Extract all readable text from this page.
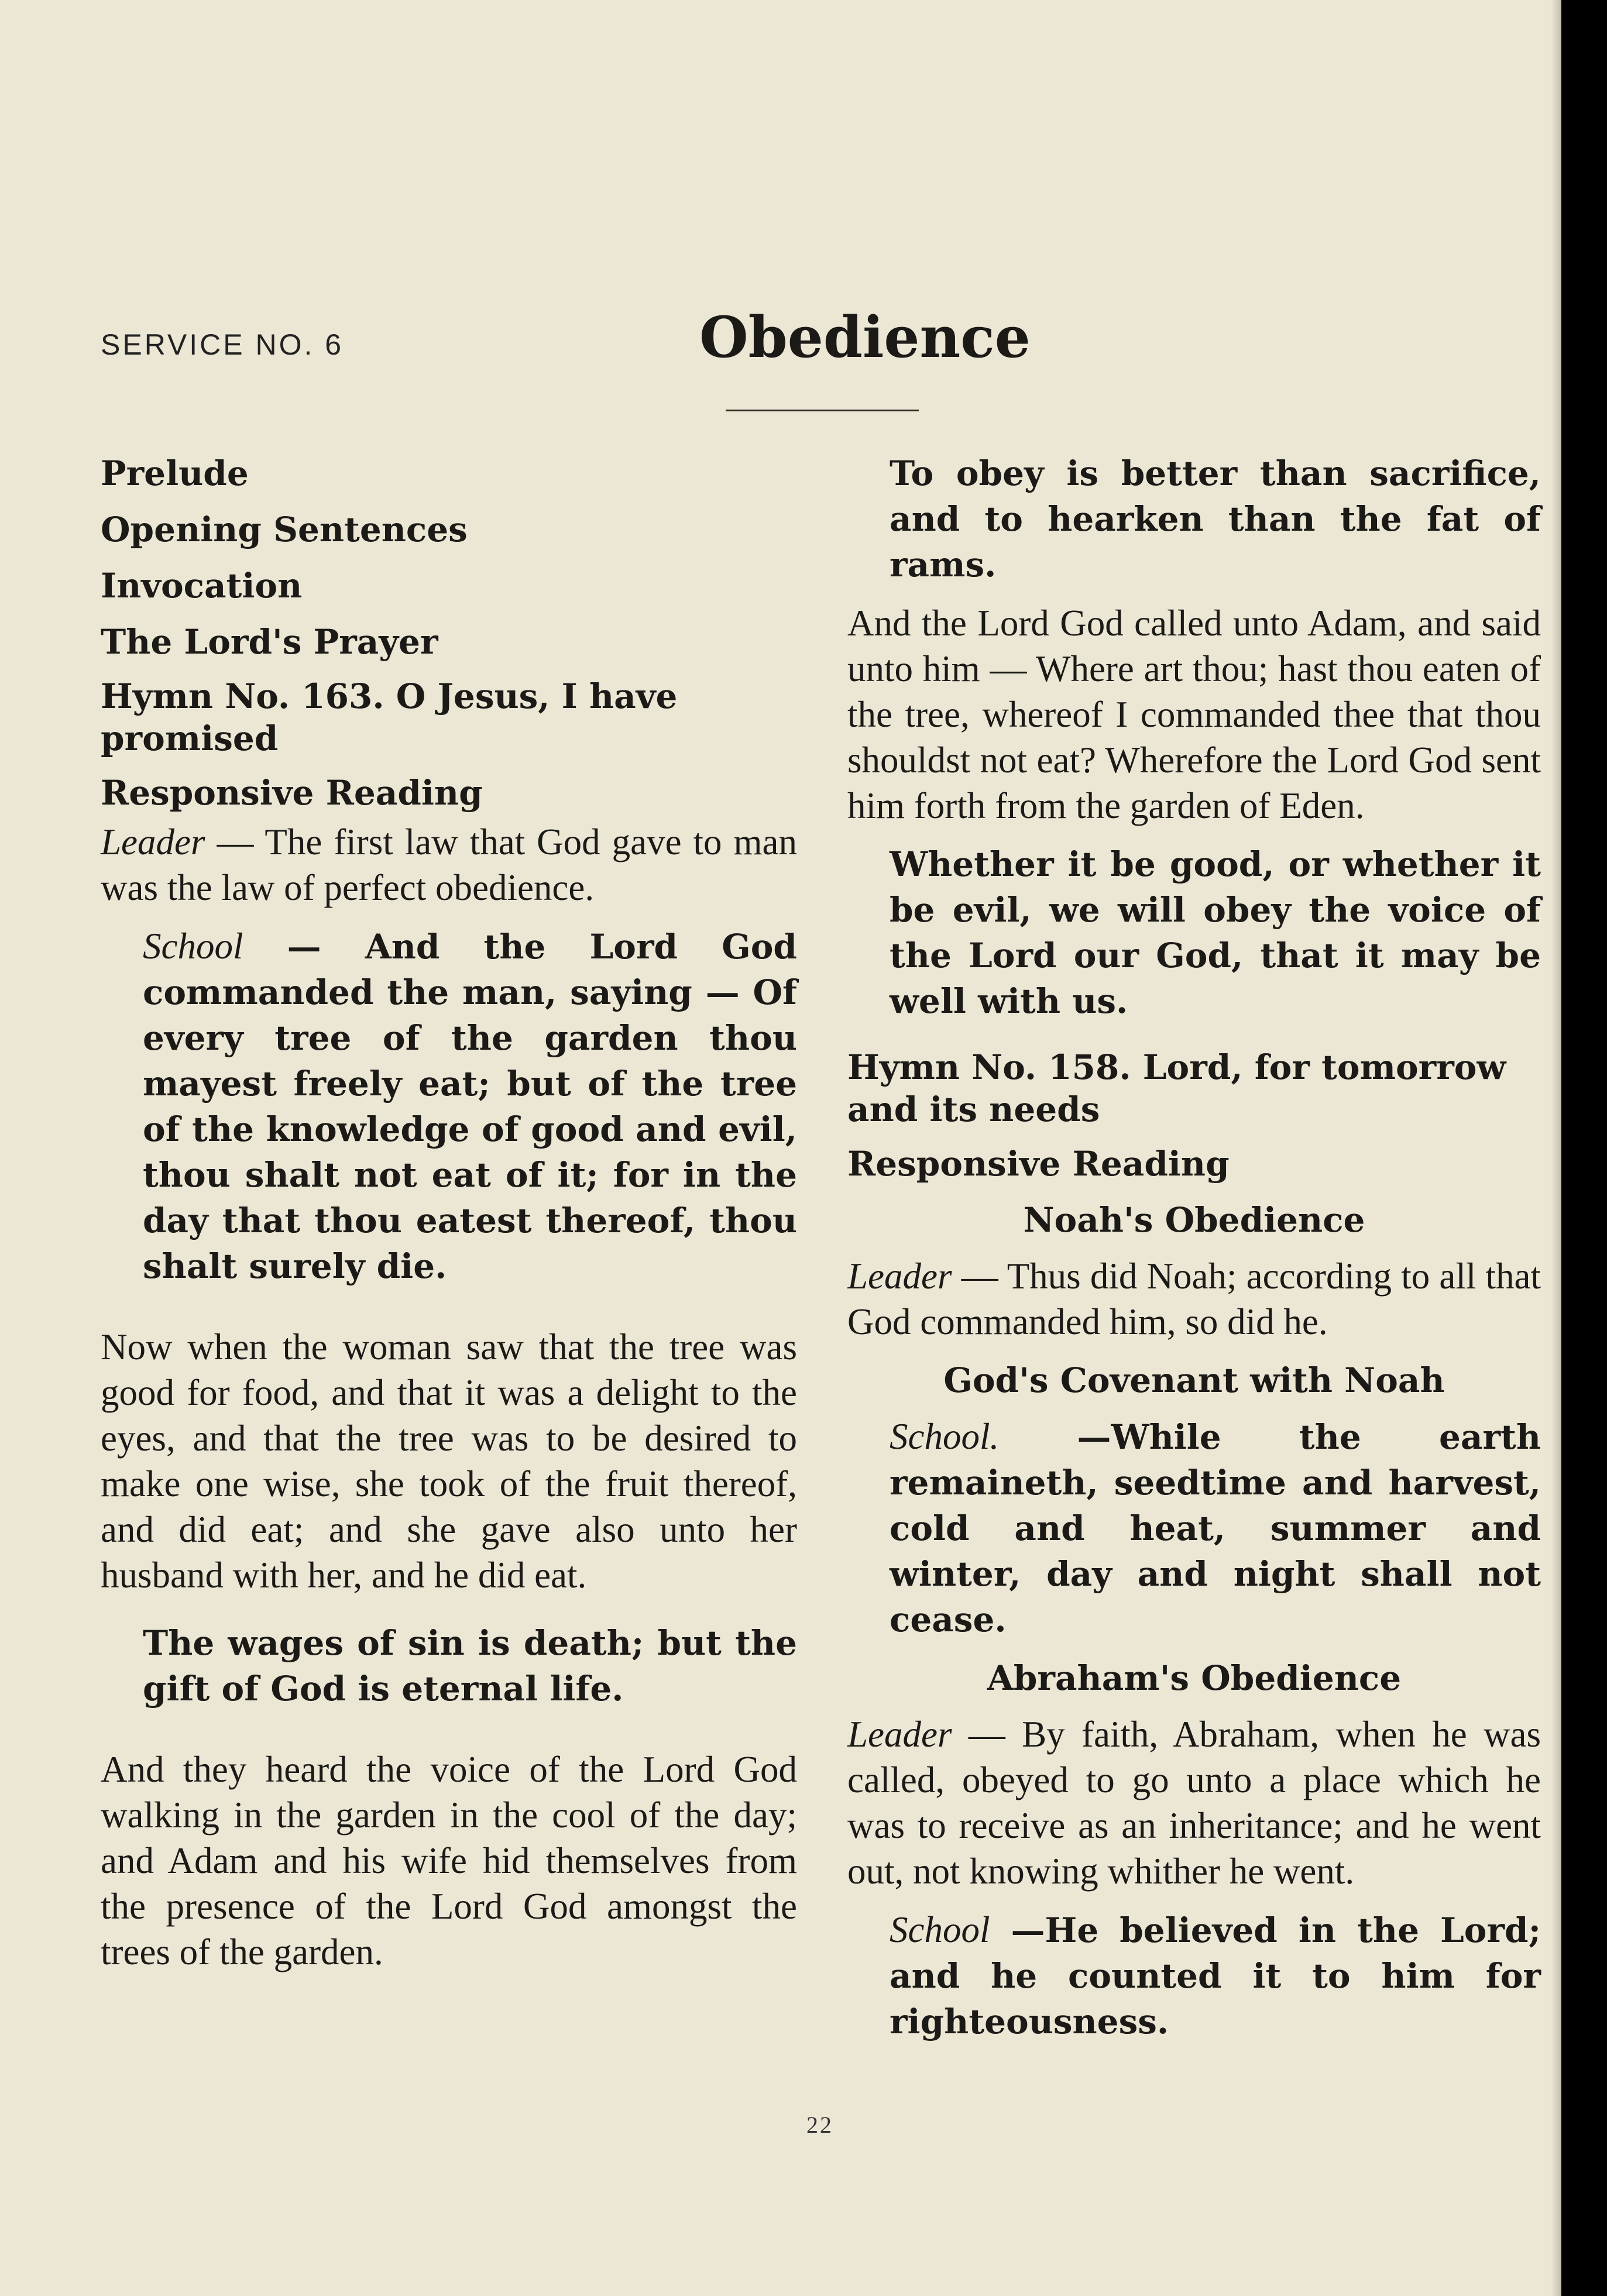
SERVICE NO. 6	Obedience
Prelude
Opening Sentences
Invocation
The Lord's Prayer
Hymn No. 163. O Jesus, I have promised
Responsive Reading

Leader — The first law that God gave to man was the law of perfect obedience.

School — And the Lord God commanded the man, saying — Of every tree of the garden thou mayest freely eat; but of the tree of the knowledge of good and evil, thou shalt not eat of it; for in the day that thou eatest thereof, thou shalt surely die.

Now when the woman saw that the tree was good for food, and that it was a delight to the eyes, and that the tree was to be desired to make one wise, she took of the fruit thereof, and did eat; and she gave also unto her husband with her, and he did eat.

The wages of sin is death; but the gift of God is eternal life.

And they heard the voice of the Lord God walking in the garden in the cool of the day; and Adam and his wife hid themselves from the presence of the Lord God amongst the trees of the garden.

To obey is better than sacrifice, and to hearken than the fat of rams.

And the Lord God called unto Adam, and said unto him — Where art thou; hast thou eaten of the tree, whereof I commanded thee that thou shouldst not eat? Wherefore the Lord God sent him forth from the garden of Eden.

Whether it be good, or whether it be evil, we will obey the voice of the Lord our God, that it may be well with us.

Hymn No. 158. Lord, for tomorrow and its needs
Responsive Reading
Noah's Obedience

Leader — Thus did Noah; according to all that God commanded him, so did he.

God's Covenant with Noah

School. —While the earth remaineth, seedtime and harvest, cold and heat, summer and winter, day and night shall not cease.

Abraham's Obedience

Leader — By faith, Abraham, when he was called, obeyed to go unto a place which he was to receive as an inheritance; and he went out, not knowing whither he went.

School —He believed in the Lord; and he counted it to him for righteousness.

22
